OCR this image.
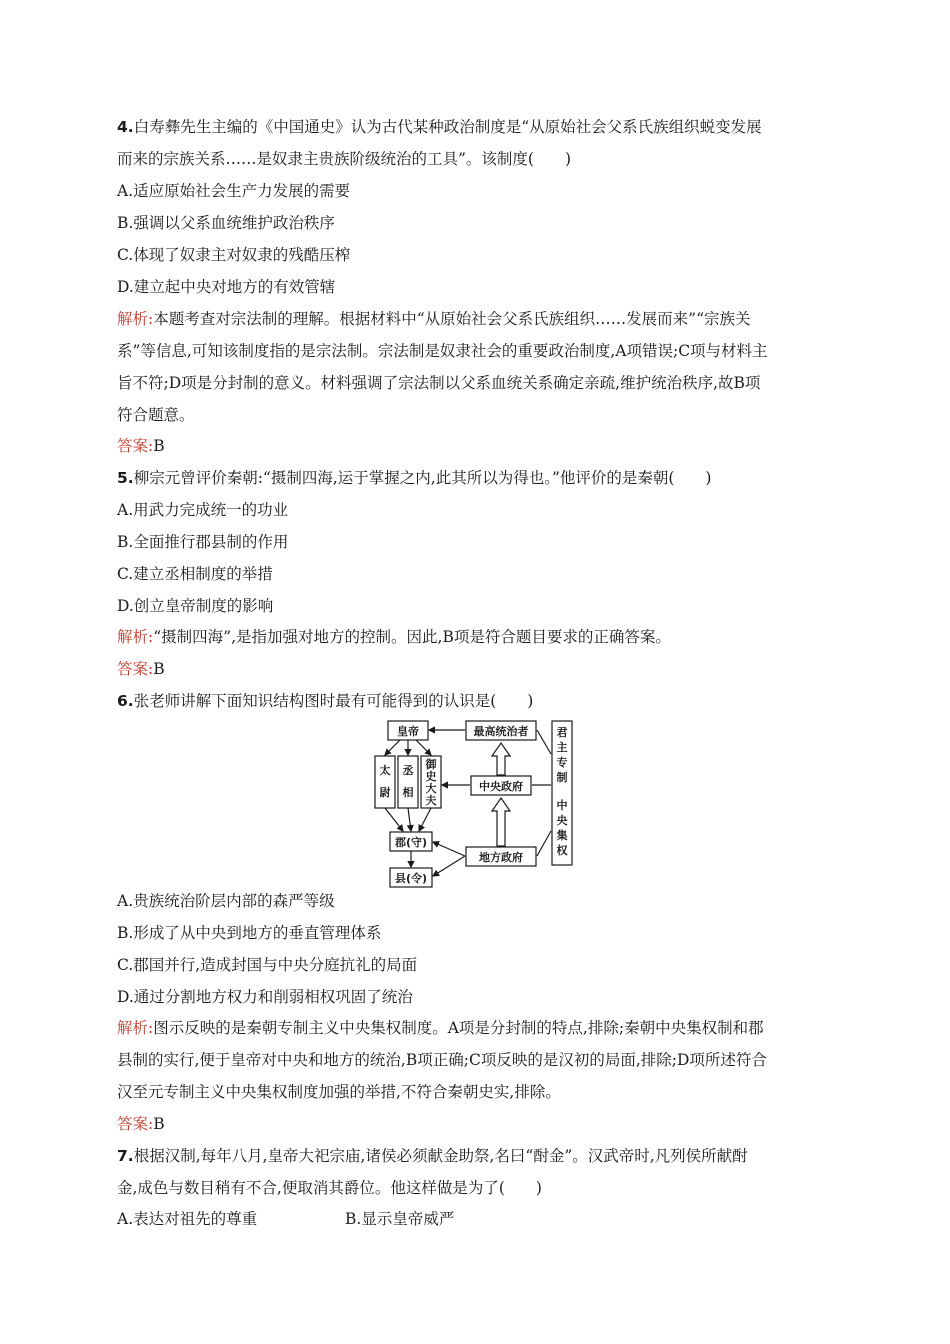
4.白寿彝先生主编的《中国通史》认为古代某种政治制度是“从原始社会父系氏族组织蜕变发展
而来的宗族关系……是奴隶主贵族阶级统治的工具”。该制度(　　)
A.适应原始社会生产力发展的需要
B.强调以父系血统维护政治秩序
C.体现了奴隶主对奴隶的残酷压榨
D.建立起中央对地方的有效管辖
解析:本题考查对宗法制的理解。根据材料中“从原始社会父系氏族组织……发展而来”“宗族关
系”等信息,可知该制度指的是宗法制。宗法制是奴隶社会的重要政治制度,A项错误;C项与材料主
旨不符;D项是分封制的意义。材料强调了宗法制以父系血统关系确定亲疏,维护统治秩序,故B项
符合题意。
答案:B
5.柳宗元曾评价秦朝:“摄制四海,运于掌握之内,此其所以为得也。”他评价的是秦朝(　　)
A.用武力完成统一的功业
B.全面推行郡县制的作用
C.建立丞相制度的举措
D.创立皇帝制度的影响
解析:“摄制四海”,是指加强对地方的控制。因此,B项是符合题目要求的正确答案。
答案:B
6.张老师讲解下面知识结构图时最有可能得到的认识是(　　)
皇帝
太
尉
丞
相
御
史
大
夫
郡(守)
县(令)
最高统治者
中央政府
地方政府
君
主
专
制
中
央
集
权
A.贵族统治阶层内部的森严等级
B.形成了从中央到地方的垂直管理体系
C.郡国并行,造成封国与中央分庭抗礼的局面
D.通过分割地方权力和削弱相权巩固了统治
解析:图示反映的是秦朝专制主义中央集权制度。A项是分封制的特点,排除;秦朝中央集权制和郡
县制的实行,便于皇帝对中央和地方的统治,B项正确;C项反映的是汉初的局面,排除;D项所述符合
汉至元专制主义中央集权制度加强的举措,不符合秦朝史实,排除。
答案:B
7.根据汉制,每年八月,皇帝大祀宗庙,诸侯必须献金助祭,名曰“酎金”。汉武帝时,凡列侯所献酎
金,成色与数目稍有不合,便取消其爵位。他这样做是为了(　　)
A.表达对祖先的尊重	B.显示皇帝威严
